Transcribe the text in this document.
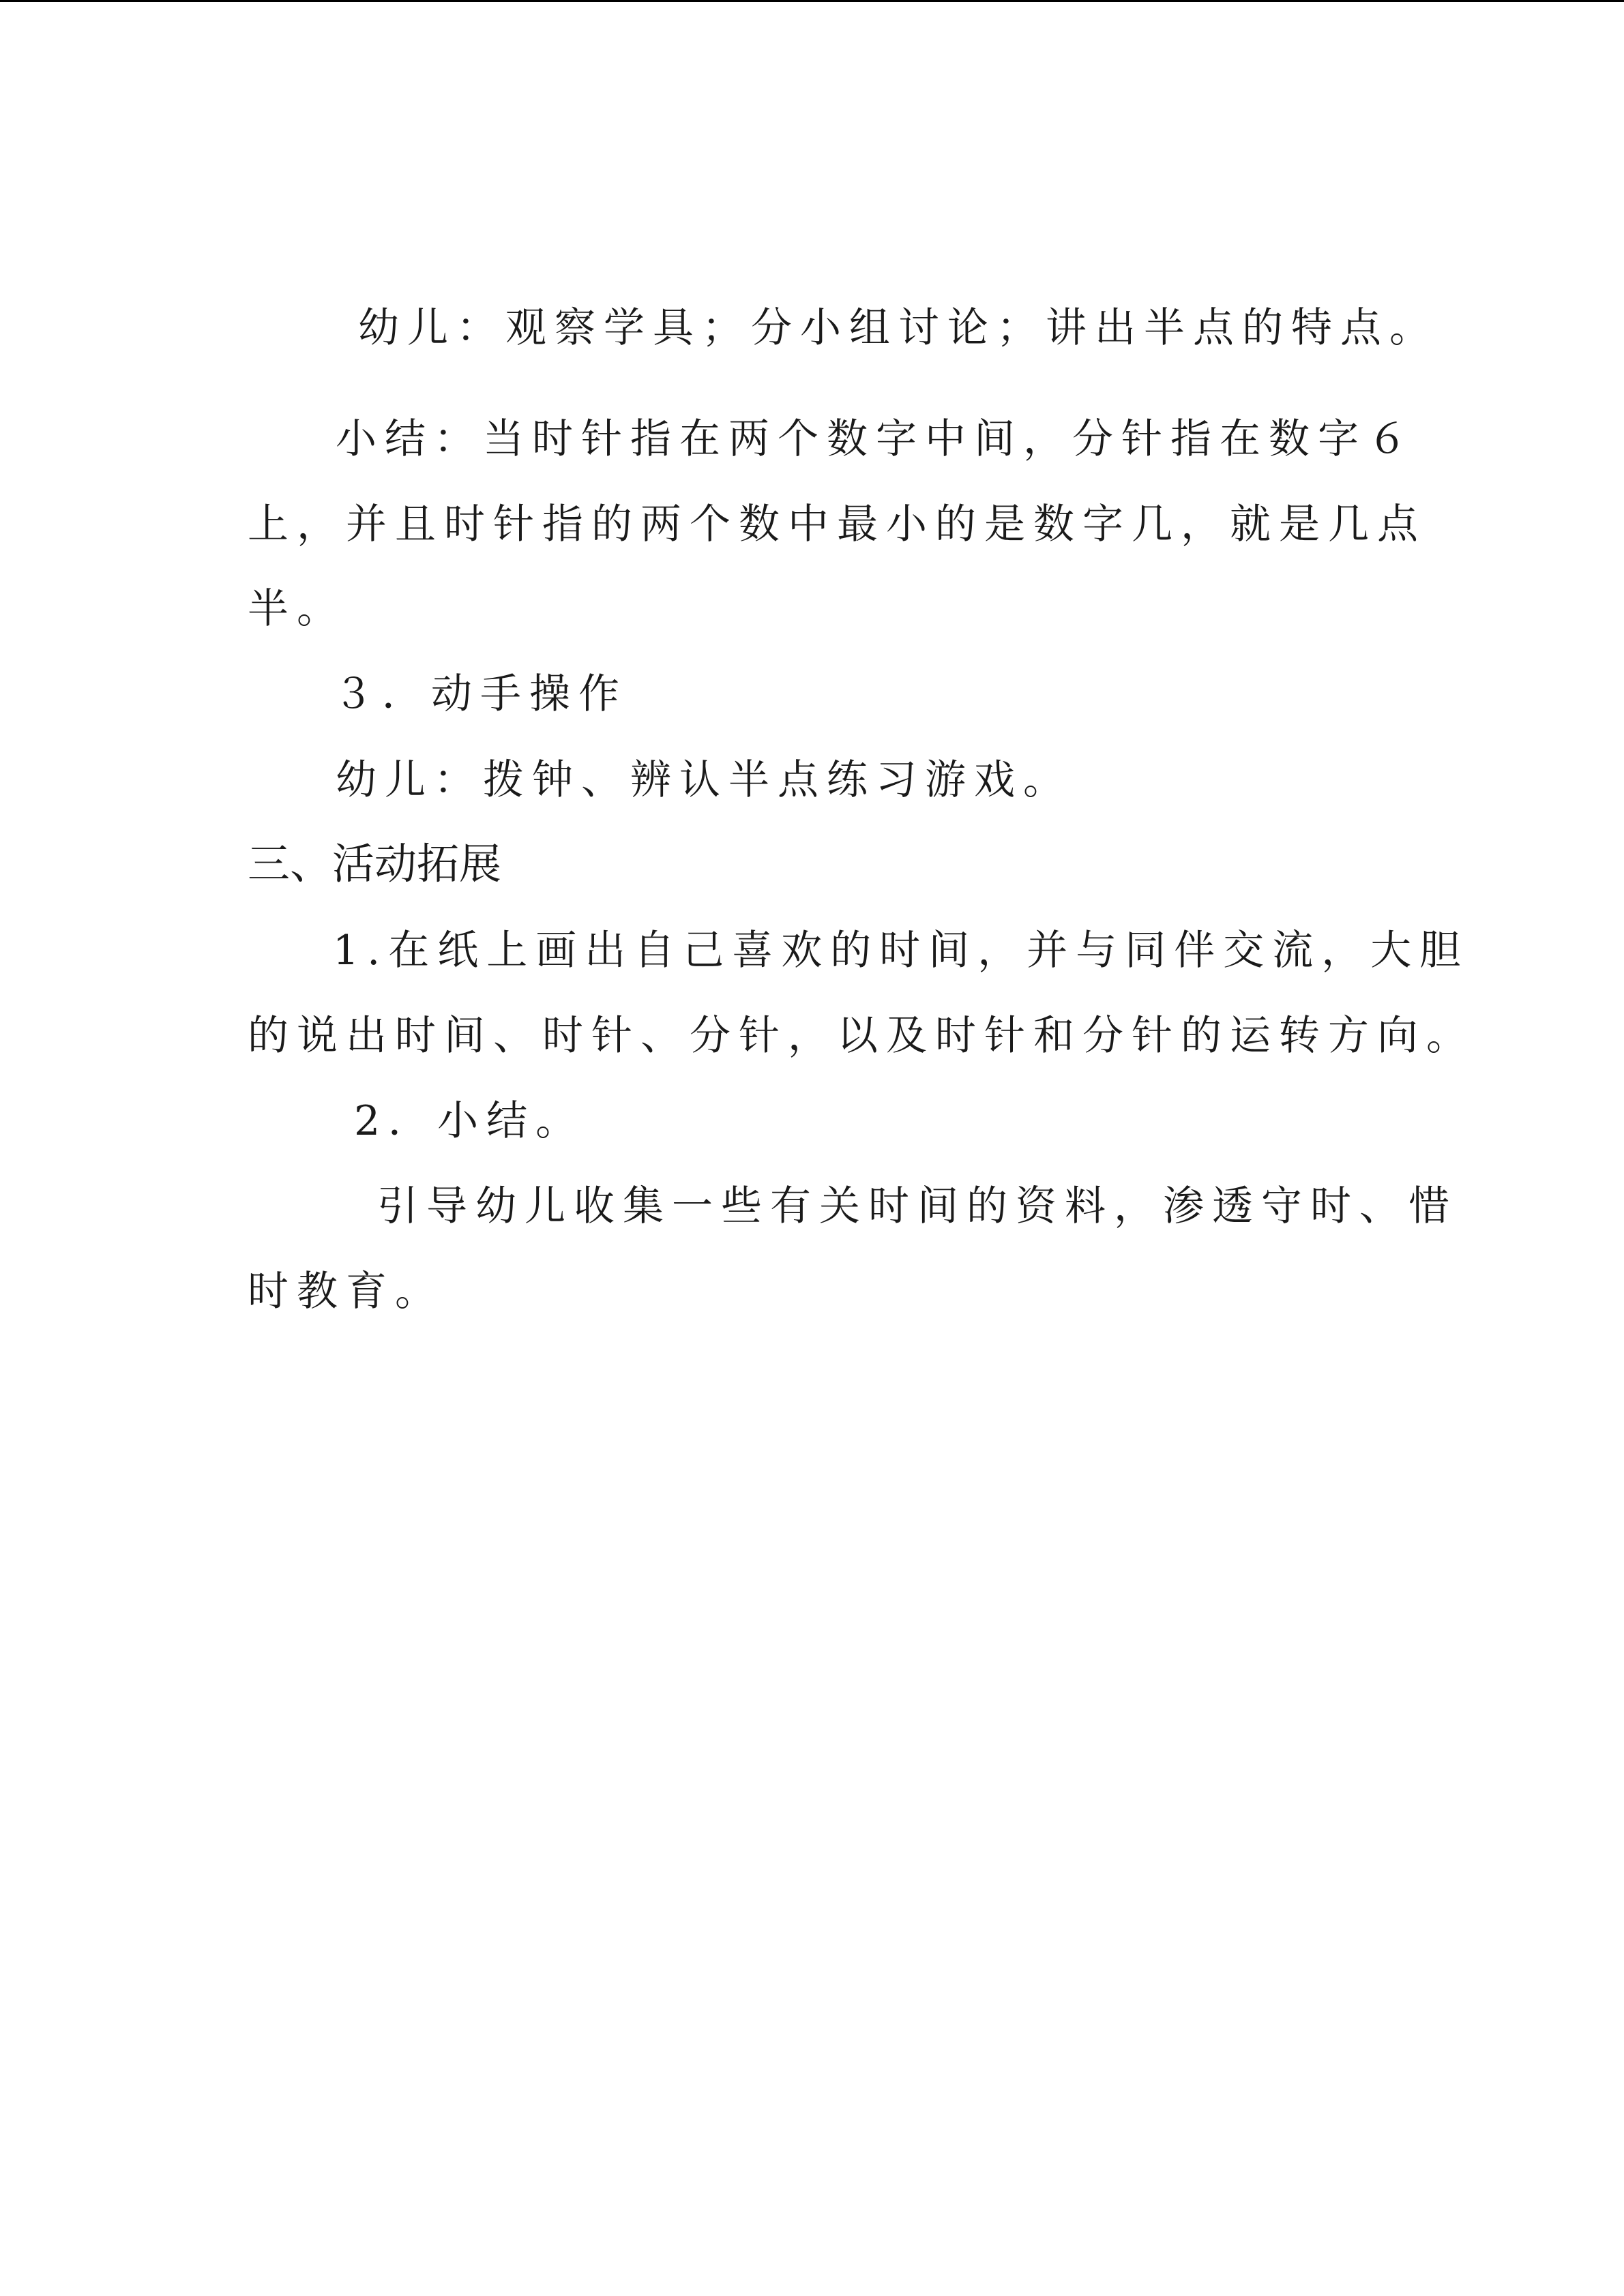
幼儿：观察学具；分小组讨论；讲出半点的特点。
小结：当时针指在两个数字中间，分针指在数字６
上，并且时针指的两个数中最小的是数字几，就是几点
半。
３．动手操作
幼儿：拨钟、辨认半点练习游戏。
三、活动拓展
1.在纸上画出自己喜欢的时间，并与同伴交流，大胆
的说出时间、时针、分针，以及时针和分针的运转方向。
2．小结。
引导幼儿收集一些有关时间的资料，渗透守时、惜
时教育。
